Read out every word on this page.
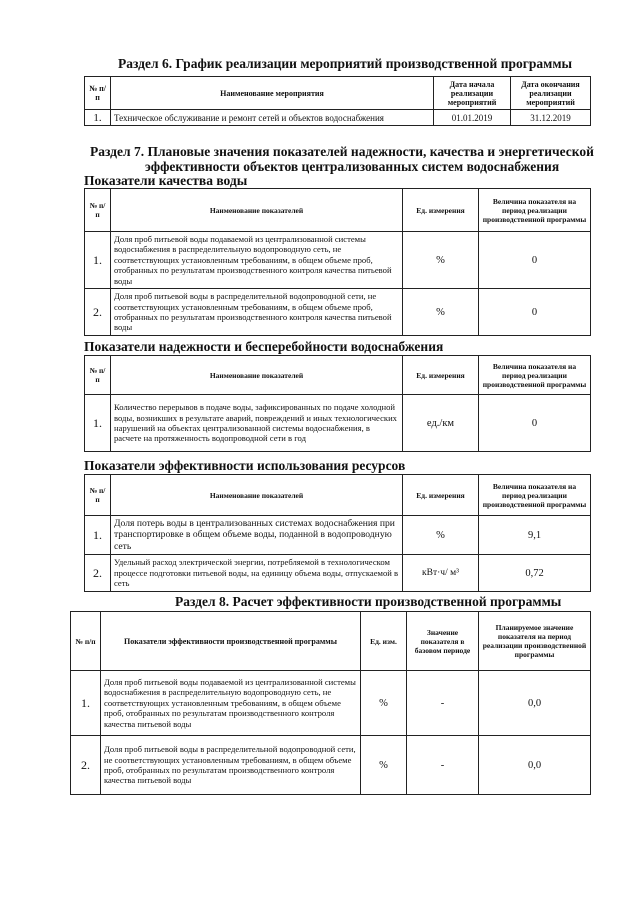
Раздел 6. График реализации мероприятий производственной программы
№ п/п	Наименование мероприятия	Дата начала реализации мероприятий	Дата окончания реализации мероприятий
1.	Техническое обслуживание и ремонт сетей и объектов водоснабжения	01.01.2019	31.12.2019
Раздел 7. Плановые значения показателей надежности, качества и энергетической
эффективности объектов централизованных систем водоснабжения
Показатели качества воды
№ п/п	Наименование показателей	Ед. измерения	Величина показателя на период реализации производственной программы
1.	Доля проб питьевой воды подаваемой из централизованной системы водоснабжения в распределительную водопроводную сеть, не соответствующих установленным требованиям, в общем объеме проб, отобранных по результатам производственного контроля качества питьевой воды	%	0
2.	Доля проб питьевой воды в распределительной водопроводной сети, не соответствующих установленным требованиям, в общем объеме проб, отобранных по результатам производственного контроля качества питьевой воды	%	0
Показатели надежности и бесперебойности водоснабжения
№ п/п	Наименование показателей	Ед. измерения	Величина показателя на период реализации производственной программы
1.	Количество перерывов в подаче воды, зафиксированных по подаче холодной воды, возникших в результате аварий, повреждений и иных технологических нарушений на объектах централизованной системы водоснабжения, в расчете на протяженность водопроводной сети в год	ед./км	0
Показатели эффективности использования ресурсов
№ п/п	Наименование показателей	Ед. измерения	Величина показателя на период реализации производственной программы
1.	Доля потерь воды в централизованных системах водоснабжения при транспортировке в общем объеме воды, поданной в водопроводную сеть	%	9,1
2.	Удельный расход электрической энергии, потребляемой в технологическом процессе подготовки питьевой воды, на единицу объема воды, отпускаемой в сеть	кВт·ч/ м³	0,72
Раздел 8. Расчет эффективности производственной программы
№ п/п	Показатели эффективности производственной программы	Ед. изм.	Значение показателя в базовом периоде	Планируемое значение показателя на период реализации производственной программы
1.	Доля проб питьевой воды подаваемой из централизованной системы водоснабжения в распределительную водопроводную сеть, не соответствующих установленным требованиям, в общем объеме проб, отобранных по результатам производственного контроля качества питьевой воды	%	-	0,0
2.	Доля проб питьевой воды в распределительной водопроводной сети, не соответствующих установленным требованиям, в общем объеме проб, отобранных по результатам производственного контроля качества питьевой воды	%	-	0,0
